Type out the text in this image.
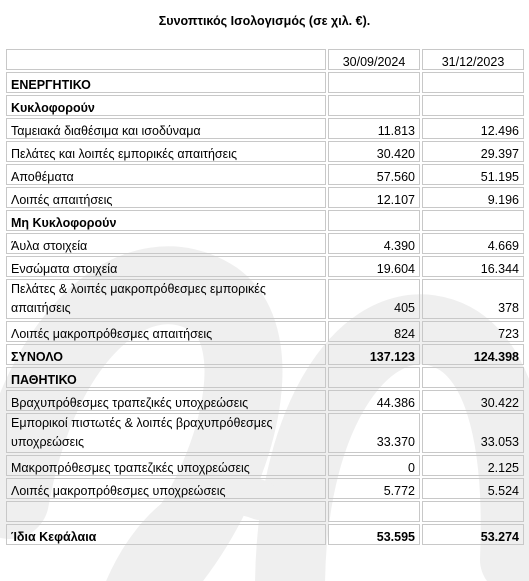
Συνοπτικός Ισολογισμός (σε χιλ. €).
	30/09/2024	31/12/2023
ΕΝΕΡΓΗΤΙΚΟ		
Κυκλοφορούν		
Ταμειακά διαθέσιμα και ισοδύναμα	11.813	12.496
Πελάτες και λοιπές εμπορικές απαιτήσεις	30.420	29.397
Αποθέματα	57.560	51.195
Λοιπές απαιτήσεις	12.107	9.196
Μη Κυκλοφορούν		
Άυλα στοιχεία	4.390	4.669
Ενσώματα στοιχεία	19.604	16.344
Πελάτες & λοιπές μακροπρόθεσμες εμπορικές απαιτήσεις	405	378
Λοιπές μακροπρόθεσμες απαιτήσεις	824	723
ΣΥΝΟΛΟ	137.123	124.398
ΠΑΘΗΤΙΚΟ		
Βραχυπρόθεσμες τραπεζικές υποχρεώσεις	44.386	30.422
Εμπορικοί πιστωτές & λοιπές βραχυπρόθεσμες υποχρεώσεις	33.370	33.053
Μακροπρόθεσμες τραπεζικές υποχρεώσεις	0	2.125
Λοιπές μακροπρόθεσμες υποχρεώσεις	5.772	5.524

Ίδια Κεφάλαια	53.595	53.274
